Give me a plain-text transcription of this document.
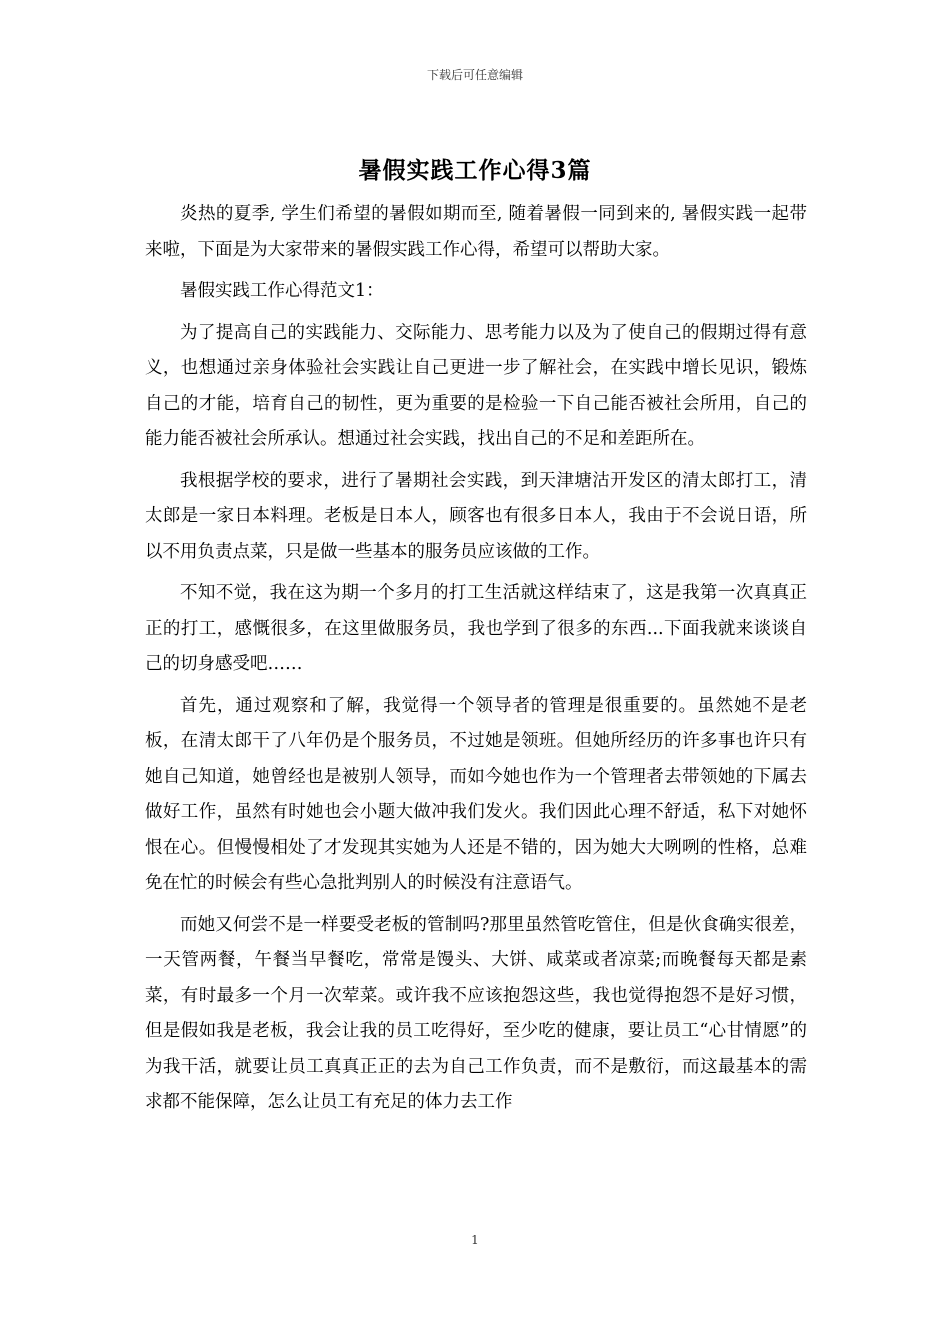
下载后可任意编辑
暑假实践工作心得3篇

炎热的夏季, 学生们希望的暑假如期而至, 随着暑假一同到来的, 暑假实践一起带来啦，下面是为大家带来的暑假实践工作心得，希望可以帮助大家。

暑假实践工作心得范文1：

为了提高自己的实践能力、交际能力、思考能力以及为了使自己的假期过得有意义，也想通过亲身体验社会实践让自己更进一步了解社会，在实践中增长见识，锻炼自己的才能，培育自己的韧性，更为重要的是检验一下自己能否被社会所用，自己的能力能否被社会所承认。想通过社会实践，找出自己的不足和差距所在。

我根据学校的要求，进行了暑期社会实践，到天津塘沽开发区的清太郎打工，清太郎是一家日本料理。老板是日本人，顾客也有很多日本人，我由于不会说日语，所以不用负责点菜，只是做一些基本的服务员应该做的工作。

不知不觉，我在这为期一个多月的打工生活就这样结束了，这是我第一次真真正正的打工，感慨很多，在这里做服务员，我也学到了很多的东西...下面我就来谈谈自己的切身感受吧……

首先，通过观察和了解，我觉得一个领导者的管理是很重要的。虽然她不是老板，在清太郎干了八年仍是个服务员，不过她是领班。但她所经历的许多事也许只有她自己知道，她曾经也是被别人领导，而如今她也作为一个管理者去带领她的下属去做好工作，虽然有时她也会小题大做冲我们发火。我们因此心理不舒适，私下对她怀恨在心。但慢慢相处了才发现其实她为人还是不错的，因为她大大咧咧的性格，总难免在忙的时候会有些心急批判别人的时候没有注意语气。

而她又何尝不是一样要受老板的管制吗?那里虽然管吃管住，但是伙食确实很差，一天管两餐，午餐当早餐吃，常常是馒头、大饼、咸菜或者凉菜;而晚餐每天都是素菜，有时最多一个月一次荤菜。或许我不应该抱怨这些，我也觉得抱怨不是好习惯，但是假如我是老板，我会让我的员工吃得好，至少吃的健康，要让员工“心甘情愿”的为我干活，就要让员工真真正正的去为自己工作负责，而不是敷衍，而这最基本的需求都不能保障，怎么让员工有充足的体力去工作

1
